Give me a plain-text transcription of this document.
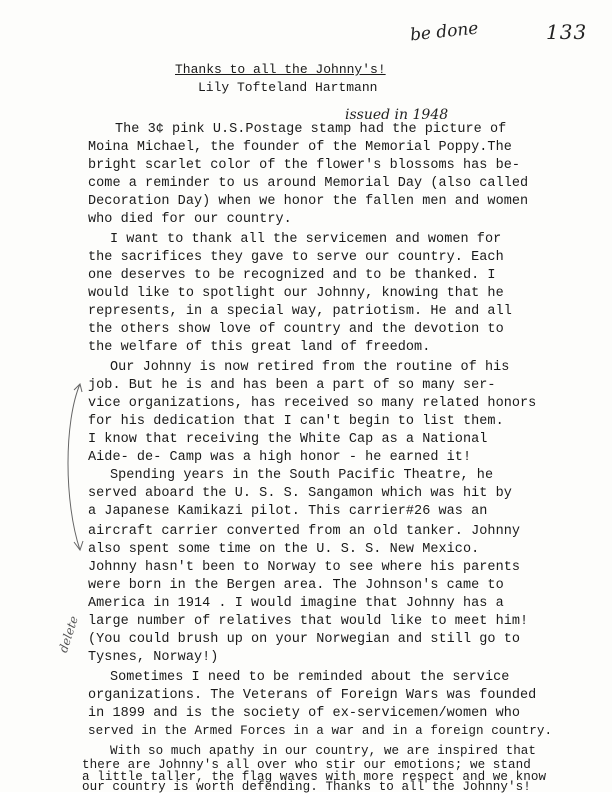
be done	133
issued in 1948
delete
Thanks to all the Johnny's!
Lily Tofteland Hartmann
The 3¢ pink U.S.Postage stamp had the picture of
Moina Michael, the founder of the Memorial Poppy.The
bright scarlet color of the flower's blossoms has be-
come a reminder to us around Memorial Day (also called
Decoration Day) when we honor the fallen men and women
who died for our country.
I want to thank all the servicemen and women for
the sacrifices they gave to serve our country. Each
one deserves to be recognized and to be thanked. I
would like to spotlight our Johnny, knowing that he
represents, in a special way, patriotism. He and all
the others show love of country and the devotion to
the welfare of this great land of freedom.
Our Johnny is now retired from the routine of his
job. But he is and has been a part of so many ser-
vice organizations, has received so many related honors
for his dedication that I can't begin to list them.
I know that receiving the White Cap as a National
Aide- de- Camp was a high honor - he earned it!
Spending years in the South Pacific Theatre, he
served aboard the U. S. S. Sangamon which was hit by
a Japanese Kamikazi pilot. This carrier#26 was an
aircraft carrier converted from an old tanker. Johnny
also spent some time on the U. S. S. New Mexico.
Johnny hasn't been to Norway to see where his parents
were born in the Bergen area. The Johnson's came to
America in 1914 . I would imagine that Johnny has a
large number of relatives that would like to meet him!
(You could brush up on your Norwegian and still go to
Tysnes, Norway!)
Sometimes I need to be reminded about the service
organizations. The Veterans of Foreign Wars was founded
in 1899 and is the society of ex-servicemen/women who
served in the Armed Forces in a war and in a foreign country.
With so much apathy in our country, we are inspired that
there are Johnny's all over who stir our emotions; we stand
a little taller, the flag waves with more respect and we know
our country is worth defending. Thanks to all the Johnny's!
